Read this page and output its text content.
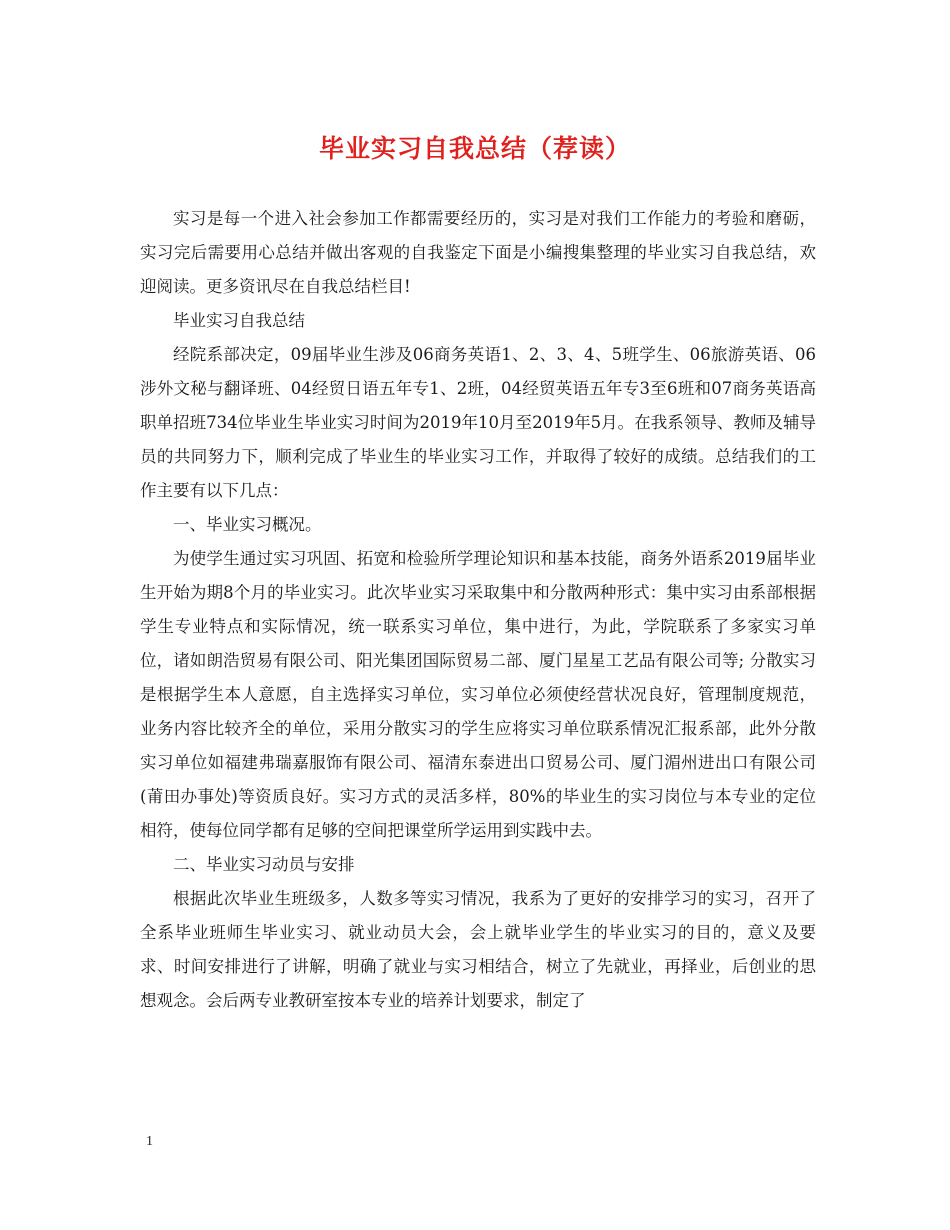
毕业实习自我总结（荐读）

实习是每一个进入社会参加工作都需要经历的，实习是对我们工作能力的考验和磨砺，实习完后需要用心总结并做出客观的自我鉴定下面是小编搜集整理的毕业实习自我总结，欢迎阅读。更多资讯尽在自我总结栏目!

毕业实习自我总结

经院系部决定，09届毕业生涉及06商务英语1、2、3、4、5班学生、06旅游英语、06涉外文秘与翻译班、04经贸日语五年专1、2班，04经贸英语五年专3至6班和07商务英语高职单招班734位毕业生毕业实习时间为2019年10月至2019年5月。在我系领导、教师及辅导员的共同努力下，顺利完成了毕业生的毕业实习工作，并取得了较好的成绩。总结我们的工作主要有以下几点：

一、毕业实习概况。

为使学生通过实习巩固、拓宽和检验所学理论知识和基本技能，商务外语系2019届毕业生开始为期8个月的毕业实习。此次毕业实习采取集中和分散两种形式：集中实习由系部根据学生专业特点和实际情况，统一联系实习单位，集中进行，为此，学院联系了多家实习单位，诸如朗浩贸易有限公司、阳光集团国际贸易二部、厦门星星工艺品有限公司等; 分散实习是根据学生本人意愿，自主选择实习单位，实习单位必须使经营状况良好，管理制度规范，业务内容比较齐全的单位，采用分散实习的学生应将实习单位联系情况汇报系部，此外分散实习单位如福建弗瑞嘉服饰有限公司、福清东泰进出口贸易公司、厦门湄州进出口有限公司(莆田办事处)等资质良好。实习方式的灵活多样，80%的毕业生的实习岗位与本专业的定位相符，使每位同学都有足够的空间把课堂所学运用到实践中去。

二、毕业实习动员与安排

根据此次毕业生班级多，人数多等实习情况，我系为了更好的安排学习的实习，召开了全系毕业班师生毕业实习、就业动员大会，会上就毕业学生的毕业实习的目的，意义及要求、时间安排进行了讲解，明确了就业与实习相结合，树立了先就业，再择业，后创业的思想观念。会后两专业教研室按本专业的培养计划要求，制定了

1
